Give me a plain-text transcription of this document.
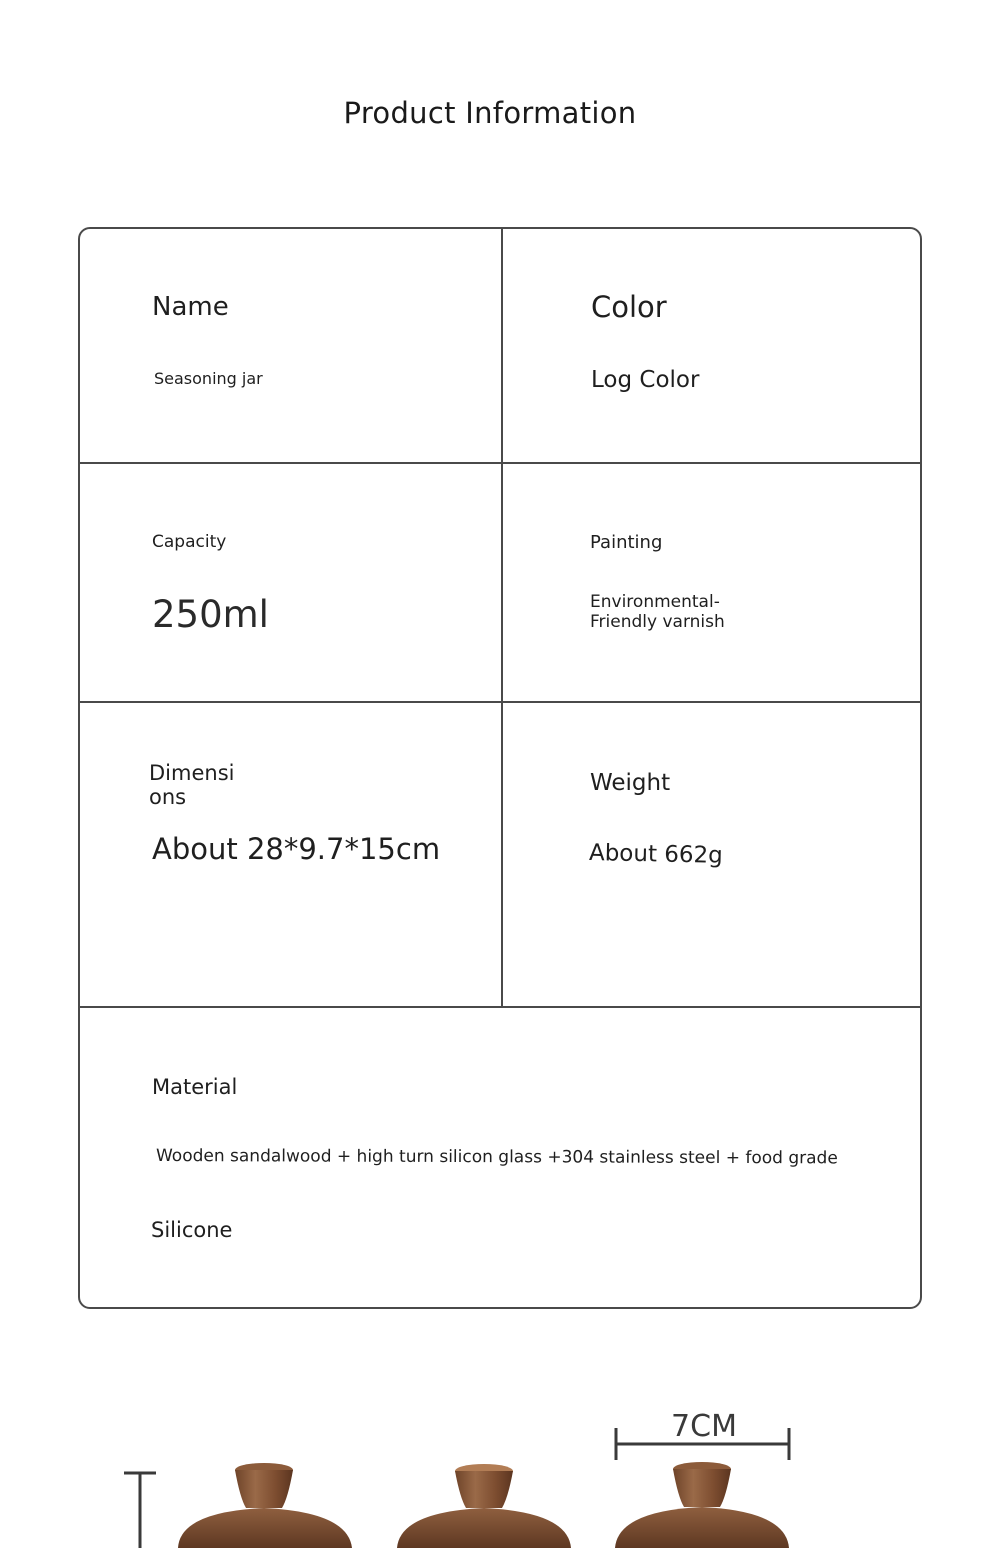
Product Information
Name
Seasoning jar
Color
Log Color
Capacity
250ml
Painting
Environmental-
Friendly varnish
Dimensi
ons
About 28*9.7*15cm
Weight
About 662g
Material
Wooden sandalwood + high turn silicon glass +304 stainless steel + food grade
Silicone
7CM
